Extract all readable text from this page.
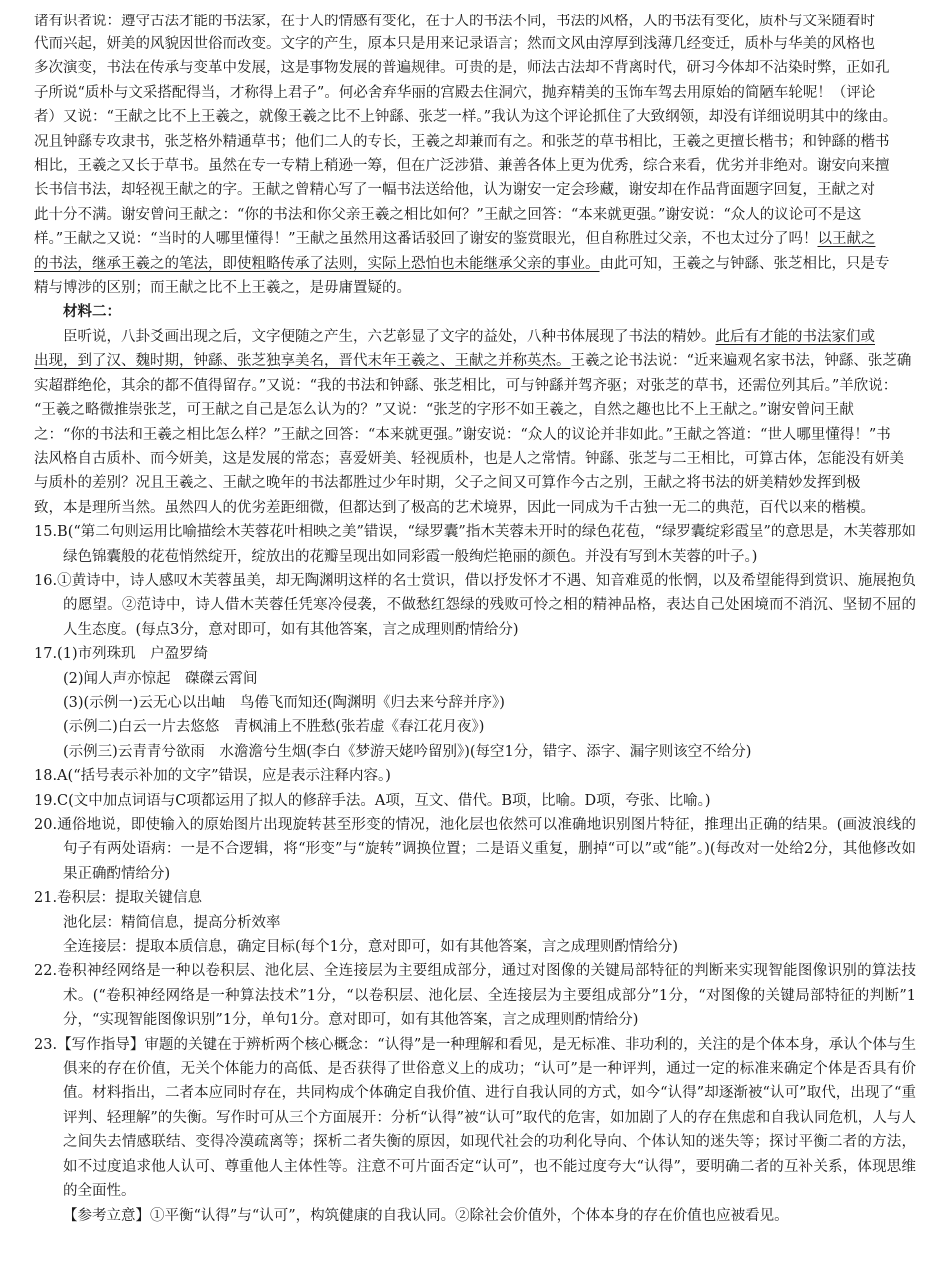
诸有识者说：遵守古法才能的书法家，在于人的情感有变化，在于人的书法不同，书法的风格，人的书法有变化，质朴与文采随着时

代而兴起，妍美的风貌因世俗而改变。文字的产生，原本只是用来记录语言；然而文风由淳厚到浅薄几经变迁，质朴与华美的风格也

多次演变，书法在传承与变革中发展，这是事物发展的普遍规律。可贵的是，师法古法却不背离时代，研习今体却不沾染时弊，正如孔

子所说“质朴与文采搭配得当，才称得上君子”。何必舍弃华丽的宫殿去住洞穴，抛弃精美的玉饰车驾去用原始的简陋车轮呢！（评论

者）又说：“王献之比不上王羲之，就像王羲之比不上钟繇、张芝一样。”我认为这个评论抓住了大致纲领，却没有详细说明其中的缘由。

况且钟繇专攻隶书，张芝格外精通草书；他们二人的专长，王羲之却兼而有之。和张芝的草书相比，王羲之更擅长楷书；和钟繇的楷书

相比，王羲之又长于草书。虽然在专一专精上稍逊一筹，但在广泛涉猎、兼善各体上更为优秀，综合来看，优劣并非绝对。谢安向来擅

长书信书法，却轻视王献之的字。王献之曾精心写了一幅书法送给他，认为谢安一定会珍藏，谢安却在作品背面题字回复，王献之对

此十分不满。谢安曾问王献之：“你的书法和你父亲王羲之相比如何？”王献之回答：“本来就更强。”谢安说：“众人的议论可不是这

样。”王献之又说：“当时的人哪里懂得！”王献之虽然用这番话驳回了谢安的鉴赏眼光，但自称胜过父亲，不也太过分了吗！以王献之

的书法，继承王羲之的笔法，即使粗略传承了法则，实际上恐怕也未能继承父亲的事业。由此可知，王羲之与钟繇、张芝相比，只是专

精与博涉的区别；而王献之比不上王羲之，是毋庸置疑的。

材料二：

臣听说，八卦爻画出现之后，文字便随之产生，六艺彰显了文字的益处，八种书体展现了书法的精妙。此后有才能的书法家们或

出现，到了汉、魏时期，钟繇、张芝独享美名，晋代末年王羲之、王献之并称英杰。王羲之论书法说：“近来遍观名家书法，钟繇、张芝确

实超群绝伦，其余的都不值得留存。”又说：“我的书法和钟繇、张芝相比，可与钟繇并驾齐驱；对张芝的草书，还需位列其后。”羊欣说：

“王羲之略微推崇张芝，可王献之自己是怎么认为的？”又说：“张芝的字形不如王羲之，自然之趣也比不上王献之。”谢安曾问王献

之：“你的书法和王羲之相比怎么样？”王献之回答：“本来就更强。”谢安说：“众人的议论并非如此。”王献之答道：“世人哪里懂得！”书

法风格自古质朴、而今妍美，这是发展的常态；喜爱妍美、轻视质朴，也是人之常情。钟繇、张芝与二王相比，可算古体，怎能没有妍美

与质朴的差别？况且王羲之、王献之晚年的书法都胜过少年时期，父子之间又可算作今古之别，王献之将书法的妍美精妙发挥到极

致，本是理所当然。虽然四人的优劣差距细微，但都达到了极高的艺术境界，因此一同成为千古独一无二的典范，百代以来的楷模。

15.B(“第二句则运用比喻描绘木芙蓉花叶相映之美”错误，“绿罗囊”指木芙蓉未开时的绿色花苞，“绿罗囊绽彩霞呈”的意思是，木芙蓉那如绿色锦囊般的花苞悄然绽开，绽放出的花瓣呈现出如同彩霞一般绚烂艳丽的颜色。并没有写到木芙蓉的叶子。)

16.①黄诗中，诗人感叹木芙蓉虽美，却无陶渊明这样的名士赏识，借以抒发怀才不遇、知音难觅的怅惘，以及希望能得到赏识、施展抱负的愿望。②范诗中，诗人借木芙蓉任凭寒冷侵袭，不做愁红怨绿的残败可怜之相的精神品格，表达自己处困境而不消沉、坚韧不屈的人生态度。(每点3分，意对即可，如有其他答案，言之成理则酌情给分)

17.(1)市列珠玑　户盈罗绮

(2)闻人声亦惊起　磔磔云霄间

(3)(示例一)云无心以出岫　鸟倦飞而知还(陶渊明《归去来兮辞并序》)

(示例二)白云一片去悠悠　青枫浦上不胜愁(张若虚《春江花月夜》)

(示例三)云青青兮欲雨　水澹澹兮生烟(李白《梦游天姥吟留别》)(每空1分，错字、添字、漏字则该空不给分)

18.A(“括号表示补加的文字”错误，应是表示注释内容。)

19.C(文中加点词语与C项都运用了拟人的修辞手法。A项，互文、借代。B项，比喻。D项，夸张、比喻。)

20.通俗地说，即使输入的原始图片出现旋转甚至形变的情况，池化层也依然可以准确地识别图片特征，推理出正确的结果。(画波浪线的句子有两处语病：一是不合逻辑，将“形变”与“旋转”调换位置；二是语义重复，删掉“可以”或“能”。)(每改对一处给2分，其他修改如果正确酌情给分)

21.卷积层：提取关键信息

池化层：精简信息，提高分析效率

全连接层：提取本质信息，确定目标(每个1分，意对即可，如有其他答案，言之成理则酌情给分)

22.卷积神经网络是一种以卷积层、池化层、全连接层为主要组成部分，通过对图像的关键局部特征的判断来实现智能图像识别的算法技术。(“卷积神经网络是一种算法技术”1分，“以卷积层、池化层、全连接层为主要组成部分”1分，“对图像的关键局部特征的判断”1分，“实现智能图像识别”1分，单句1分。意对即可，如有其他答案，言之成理则酌情给分)

23.【写作指导】审题的关键在于辨析两个核心概念：“认得”是一种理解和看见，是无标准、非功利的，关注的是个体本身，承认个体与生俱来的存在价值，无关个体能力的高低、是否获得了世俗意义上的成功；“认可”是一种评判，通过一定的标准来确定个体是否具有价值。材料指出，二者本应同时存在，共同构成个体确定自我价值、进行自我认同的方式，如今“认得”却逐渐被“认可”取代，出现了“重评判、轻理解”的失衡。写作时可从三个方面展开：分析“认得”被“认可”取代的危害，如加剧了人的存在焦虑和自我认同危机，人与人之间失去情感联结、变得冷漠疏离等；探析二者失衡的原因，如现代社会的功利化导向、个体认知的迷失等；探讨平衡二者的方法，如不过度追求他人认可、尊重他人主体性等。注意不可片面否定“认可”，也不能过度夸大“认得”，要明确二者的互补关系，体现思维的全面性。

【参考立意】①平衡“认得”与“认可”，构筑健康的自我认同。②除社会价值外，个体本身的存在价值也应被看见。
